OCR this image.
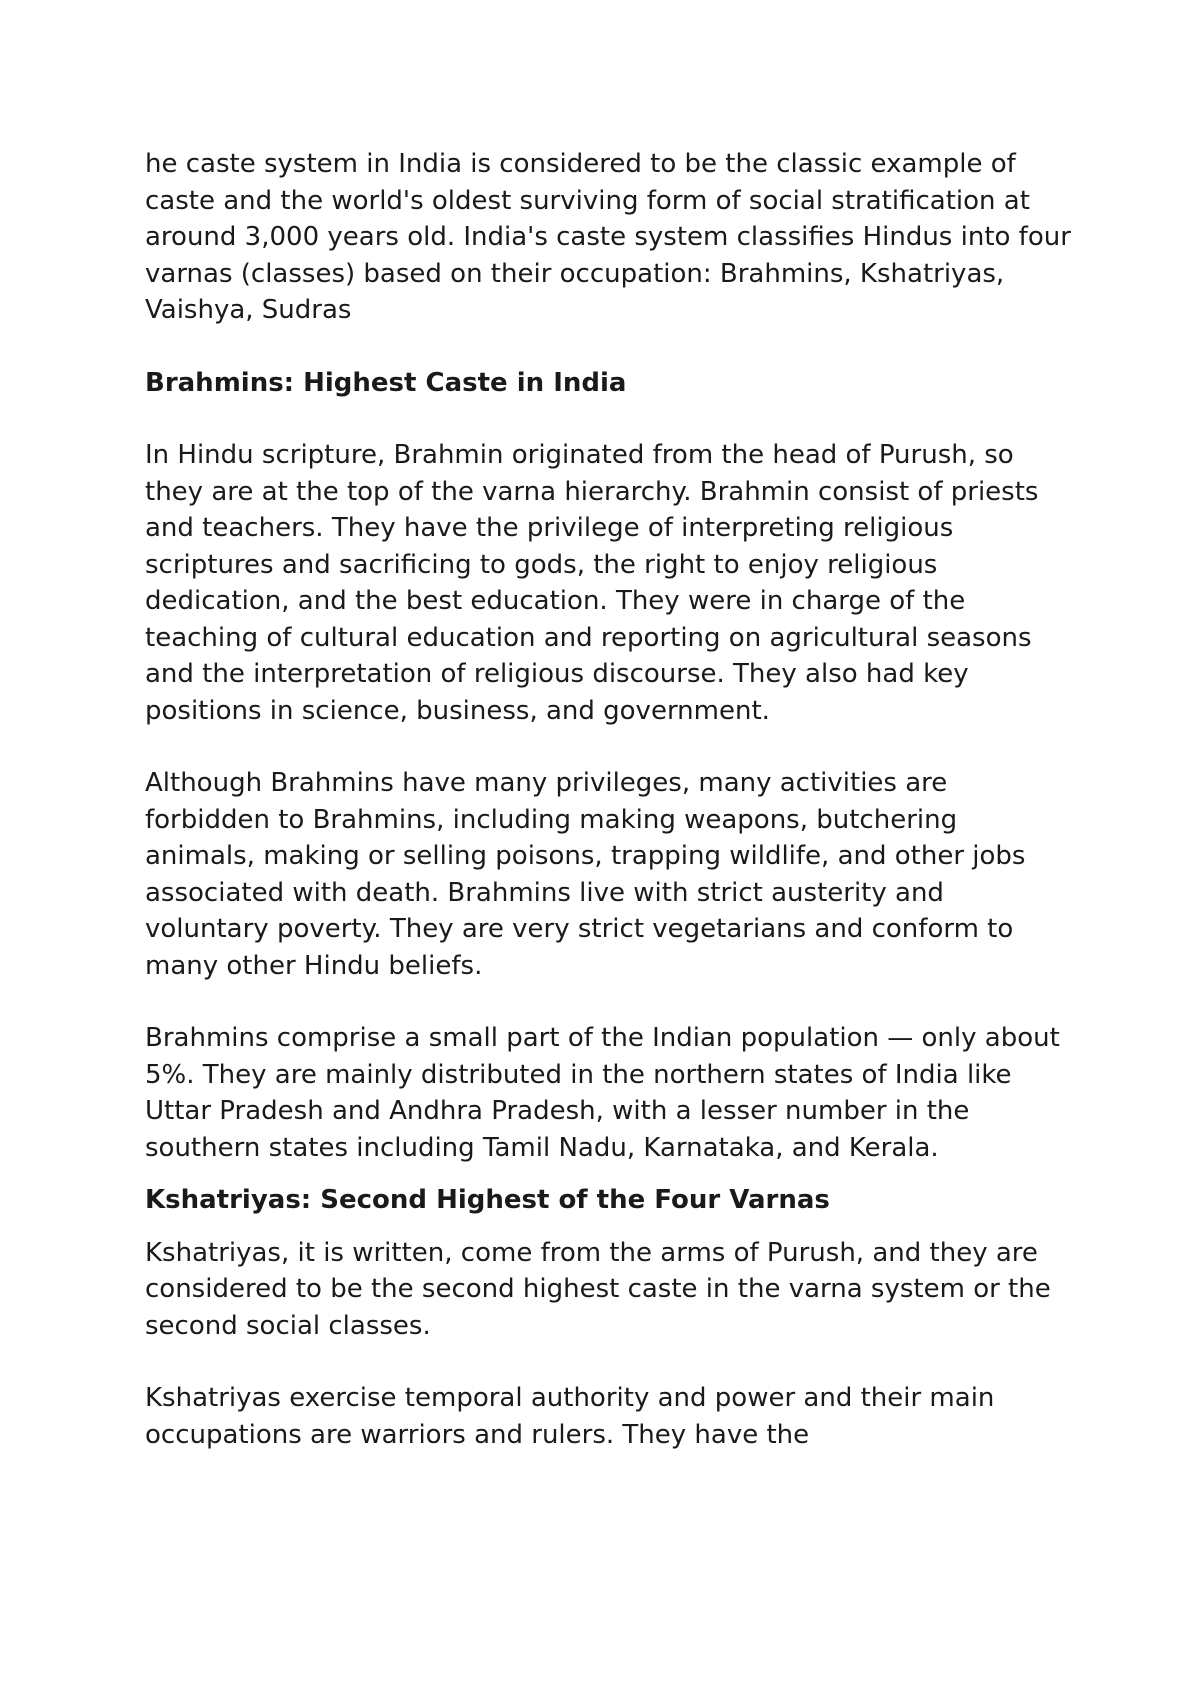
he caste system in India is considered to be the classic example of caste and the world's oldest surviving form of social stratification at around 3,000 years old. India's caste system classifies Hindus into four varnas (classes) based on their occupation: Brahmins, Kshatriyas, Vaishya, Sudras

Brahmins: Highest Caste in India

In Hindu scripture, Brahmin originated from the head of Purush, so they are at the top of the varna hierarchy. Brahmin consist of priests and teachers. They have the privilege of interpreting religious scriptures and sacrificing to gods, the right to enjoy religious dedication, and the best education. They were in charge of the teaching of cultural education and reporting on agricultural seasons and the interpretation of religious discourse. They also had key positions in science, business, and government.

Although Brahmins have many privileges, many activities are forbidden to Brahmins, including making weapons, butchering animals, making or selling poisons, trapping wildlife, and other jobs associated with death. Brahmins live with strict austerity and voluntary poverty. They are very strict vegetarians and conform to many other Hindu beliefs.

Brahmins comprise a small part of the Indian population — only about 5%. They are mainly distributed in the northern states of India like Uttar Pradesh and Andhra Pradesh, with a lesser number in the southern states including Tamil Nadu, Karnataka, and Kerala.

Kshatriyas: Second Highest of the Four Varnas

Kshatriyas, it is written, come from the arms of Purush, and they are considered to be the second highest caste in the varna system or the second social classes.

Kshatriyas exercise temporal authority and power and their main occupations are warriors and rulers. They have the
